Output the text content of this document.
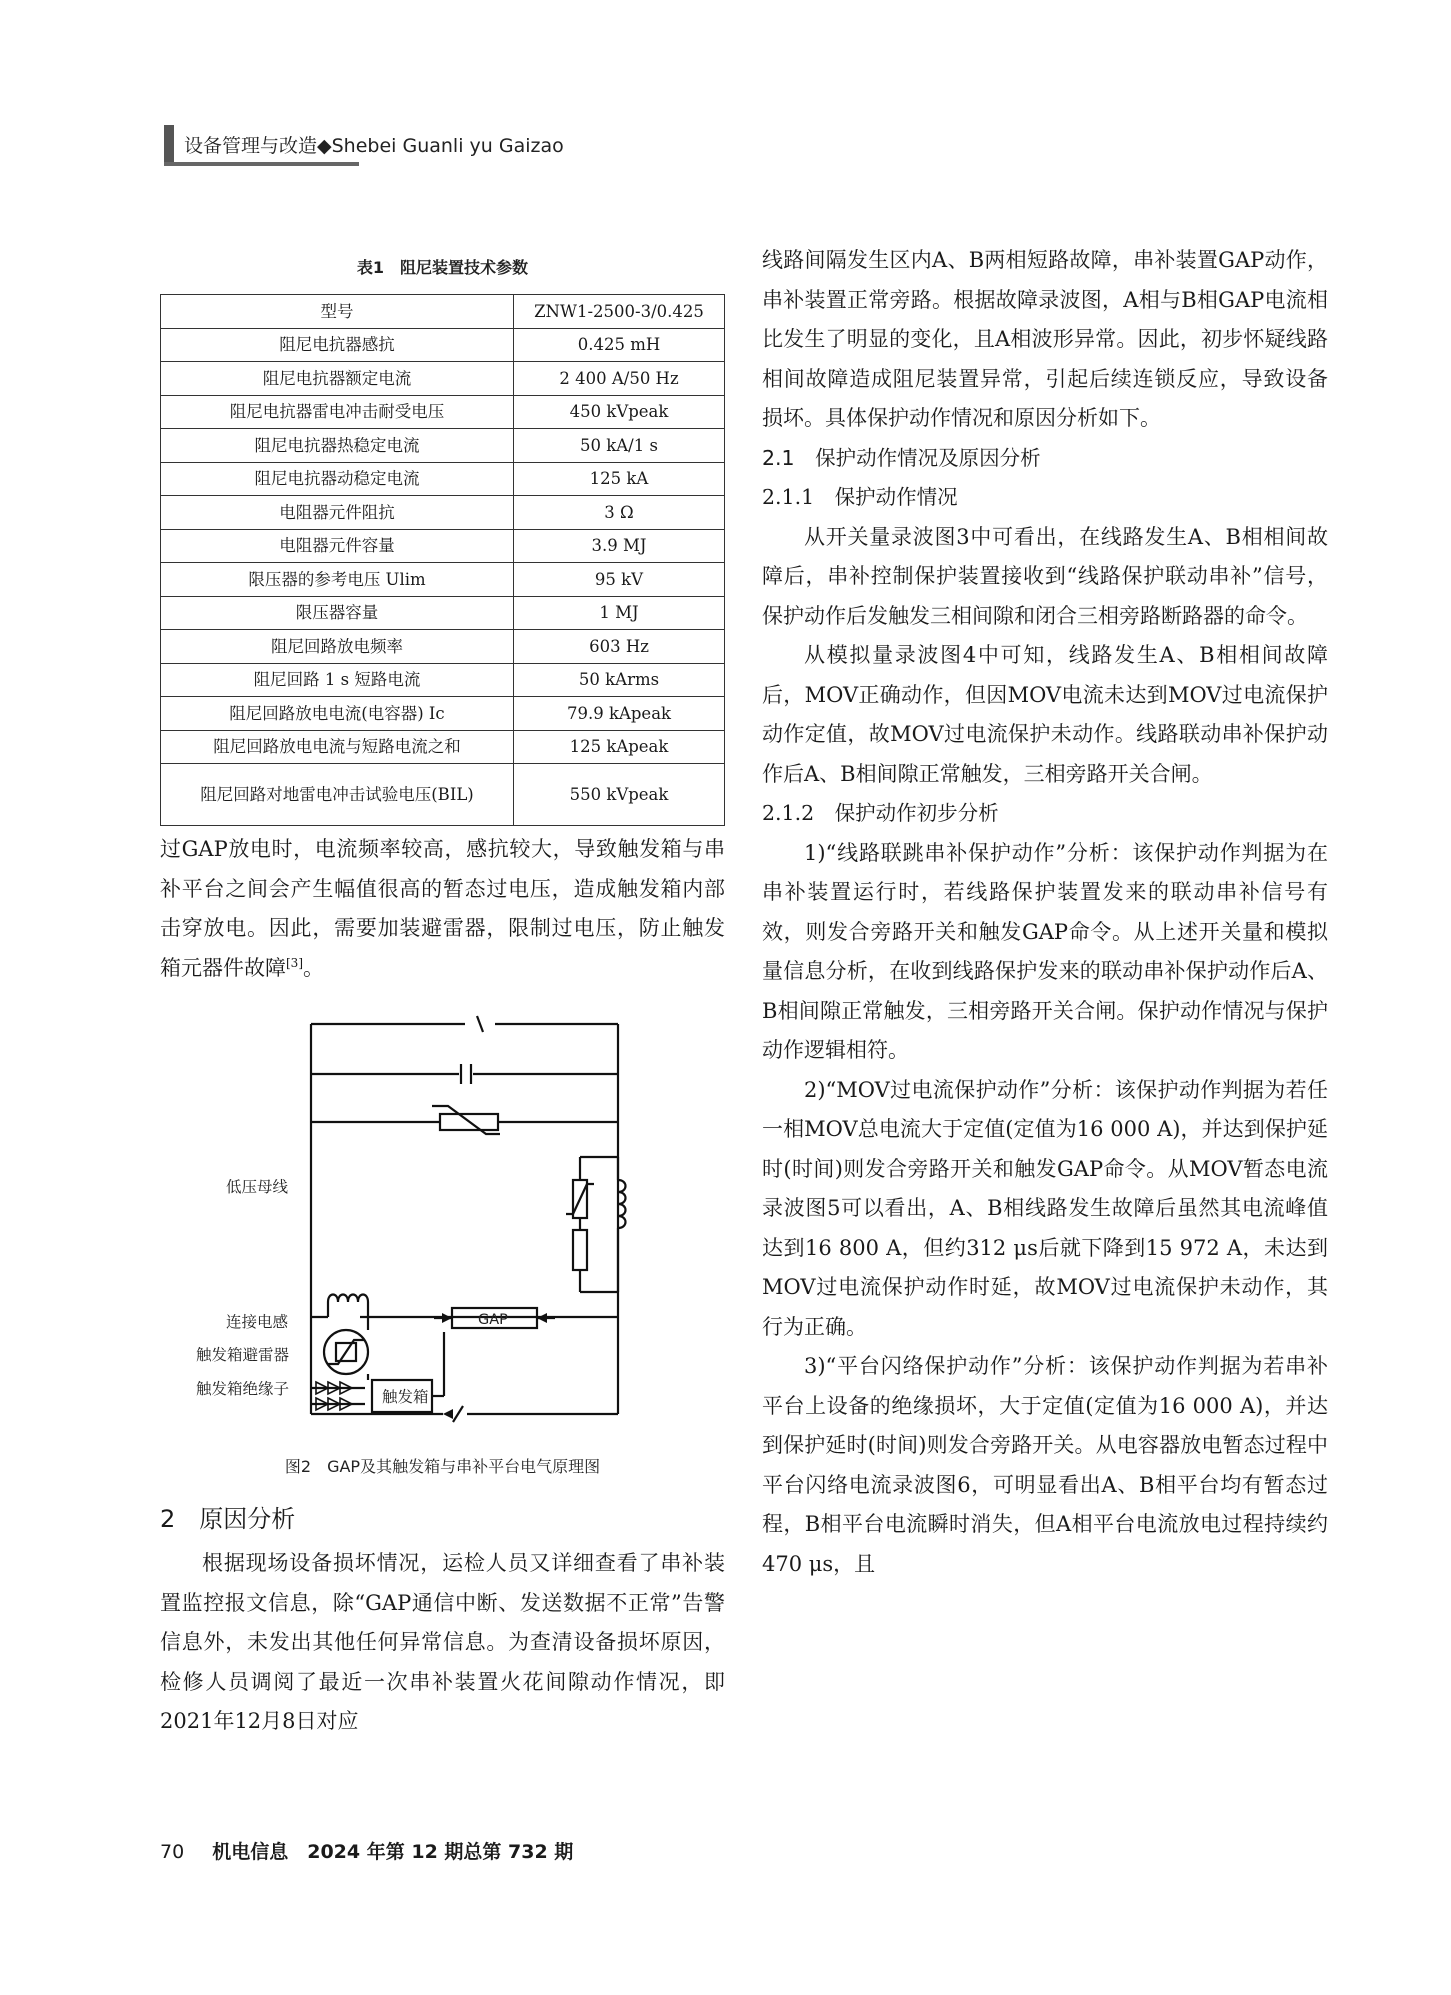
设备管理与改造◆Shebei Guanli yu Gaizao
表1　阻尼装置技术参数
型号	ZNW1-2500-3/0.425
阻尼电抗器感抗	0.425 mH
阻尼电抗器额定电流	2 400 A/50 Hz
阻尼电抗器雷电冲击耐受电压	450 kVpeak
阻尼电抗器热稳定电流	50 kA/1 s
阻尼电抗器动稳定电流	125 kA
电阻器元件阻抗	3 Ω
电阻器元件容量	3.9 MJ
限压器的参考电压 Ulim	95 kV
限压器容量	1 MJ
阻尼回路放电频率	603 Hz
阻尼回路 1 s 短路电流	50 kArms
阻尼回路放电电流(电容器) Ic	79.9 kApeak
阻尼回路放电电流与短路电流之和	125 kApeak
阻尼回路对地雷电冲击试验电压(BIL)	550 kVpeak

过GAP放电时，电流频率较高，感抗较大，导致触发箱与串补平台之间会产生幅值很高的暂态过电压，造成触发箱内部击穿放电。因此，需要加装避雷器，限制过电压，防止触发箱元器件故障[3]。

低压母线
连接电感
触发箱避雷器
触发箱绝缘子	触发箱
GAP
图2　GAP及其触发箱与串补平台电气原理图
2　原因分析

根据现场设备损坏情况，运检人员又详细查看了串补装置监控报文信息，除“GAP通信中断、发送数据不正常”告警信息外，未发出其他任何异常信息。为查清设备损坏原因，检修人员调阅了最近一次串补装置火花间隙动作情况，即2021年12月8日对应

线路间隔发生区内A、B两相短路故障，串补装置GAP动作，串补装置正常旁路。根据故障录波图，A相与B相GAP电流相比发生了明显的变化，且A相波形异常。因此，初步怀疑线路相间故障造成阻尼装置异常，引起后续连锁反应，导致设备损坏。具体保护动作情况和原因分析如下。

2.1　保护动作情况及原因分析
2.1.1　保护动作情况

从开关量录波图3中可看出，在线路发生A、B相相间故障后，串补控制保护装置接收到“线路保护联动串补”信号，保护动作后发触发三相间隙和闭合三相旁路断路器的命令。

从模拟量录波图4中可知，线路发生A、B相相间故障后，MOV正确动作，但因MOV电流未达到MOV过电流保护动作定值，故MOV过电流保护未动作。线路联动串补保护动作后A、B相间隙正常触发，三相旁路开关合闸。

2.1.2　保护动作初步分析

1)“线路联跳串补保护动作”分析：该保护动作判据为在串补装置运行时，若线路保护装置发来的联动串补信号有效，则发合旁路开关和触发GAP命令。从上述开关量和模拟量信息分析，在收到线路保护发来的联动串补保护动作后A、B相间隙正常触发，三相旁路开关合闸。保护动作情况与保护动作逻辑相符。

2)“MOV过电流保护动作”分析：该保护动作判据为若任一相MOV总电流大于定值(定值为16 000 A)，并达到保护延时(时间)则发合旁路开关和触发GAP命令。从MOV暂态电流录波图5可以看出，A、B相线路发生故障后虽然其电流峰值达到16 800 A，但约312 μs后就下降到15 972 A，未达到MOV过电流保护动作时延，故MOV过电流保护未动作，其行为正确。

3)“平台闪络保护动作”分析：该保护动作判据为若串补平台上设备的绝缘损坏，大于定值(定值为16 000 A)，并达到保护延时(时间)则发合旁路开关。从电容器放电暂态过程中平台闪络电流录波图6，可明显看出A、B相平台均有暂态过程，B相平台电流瞬时消失，但A相平台电流放电过程持续约470 μs，且

70 机电信息　2024 年第 12 期总第 732 期
